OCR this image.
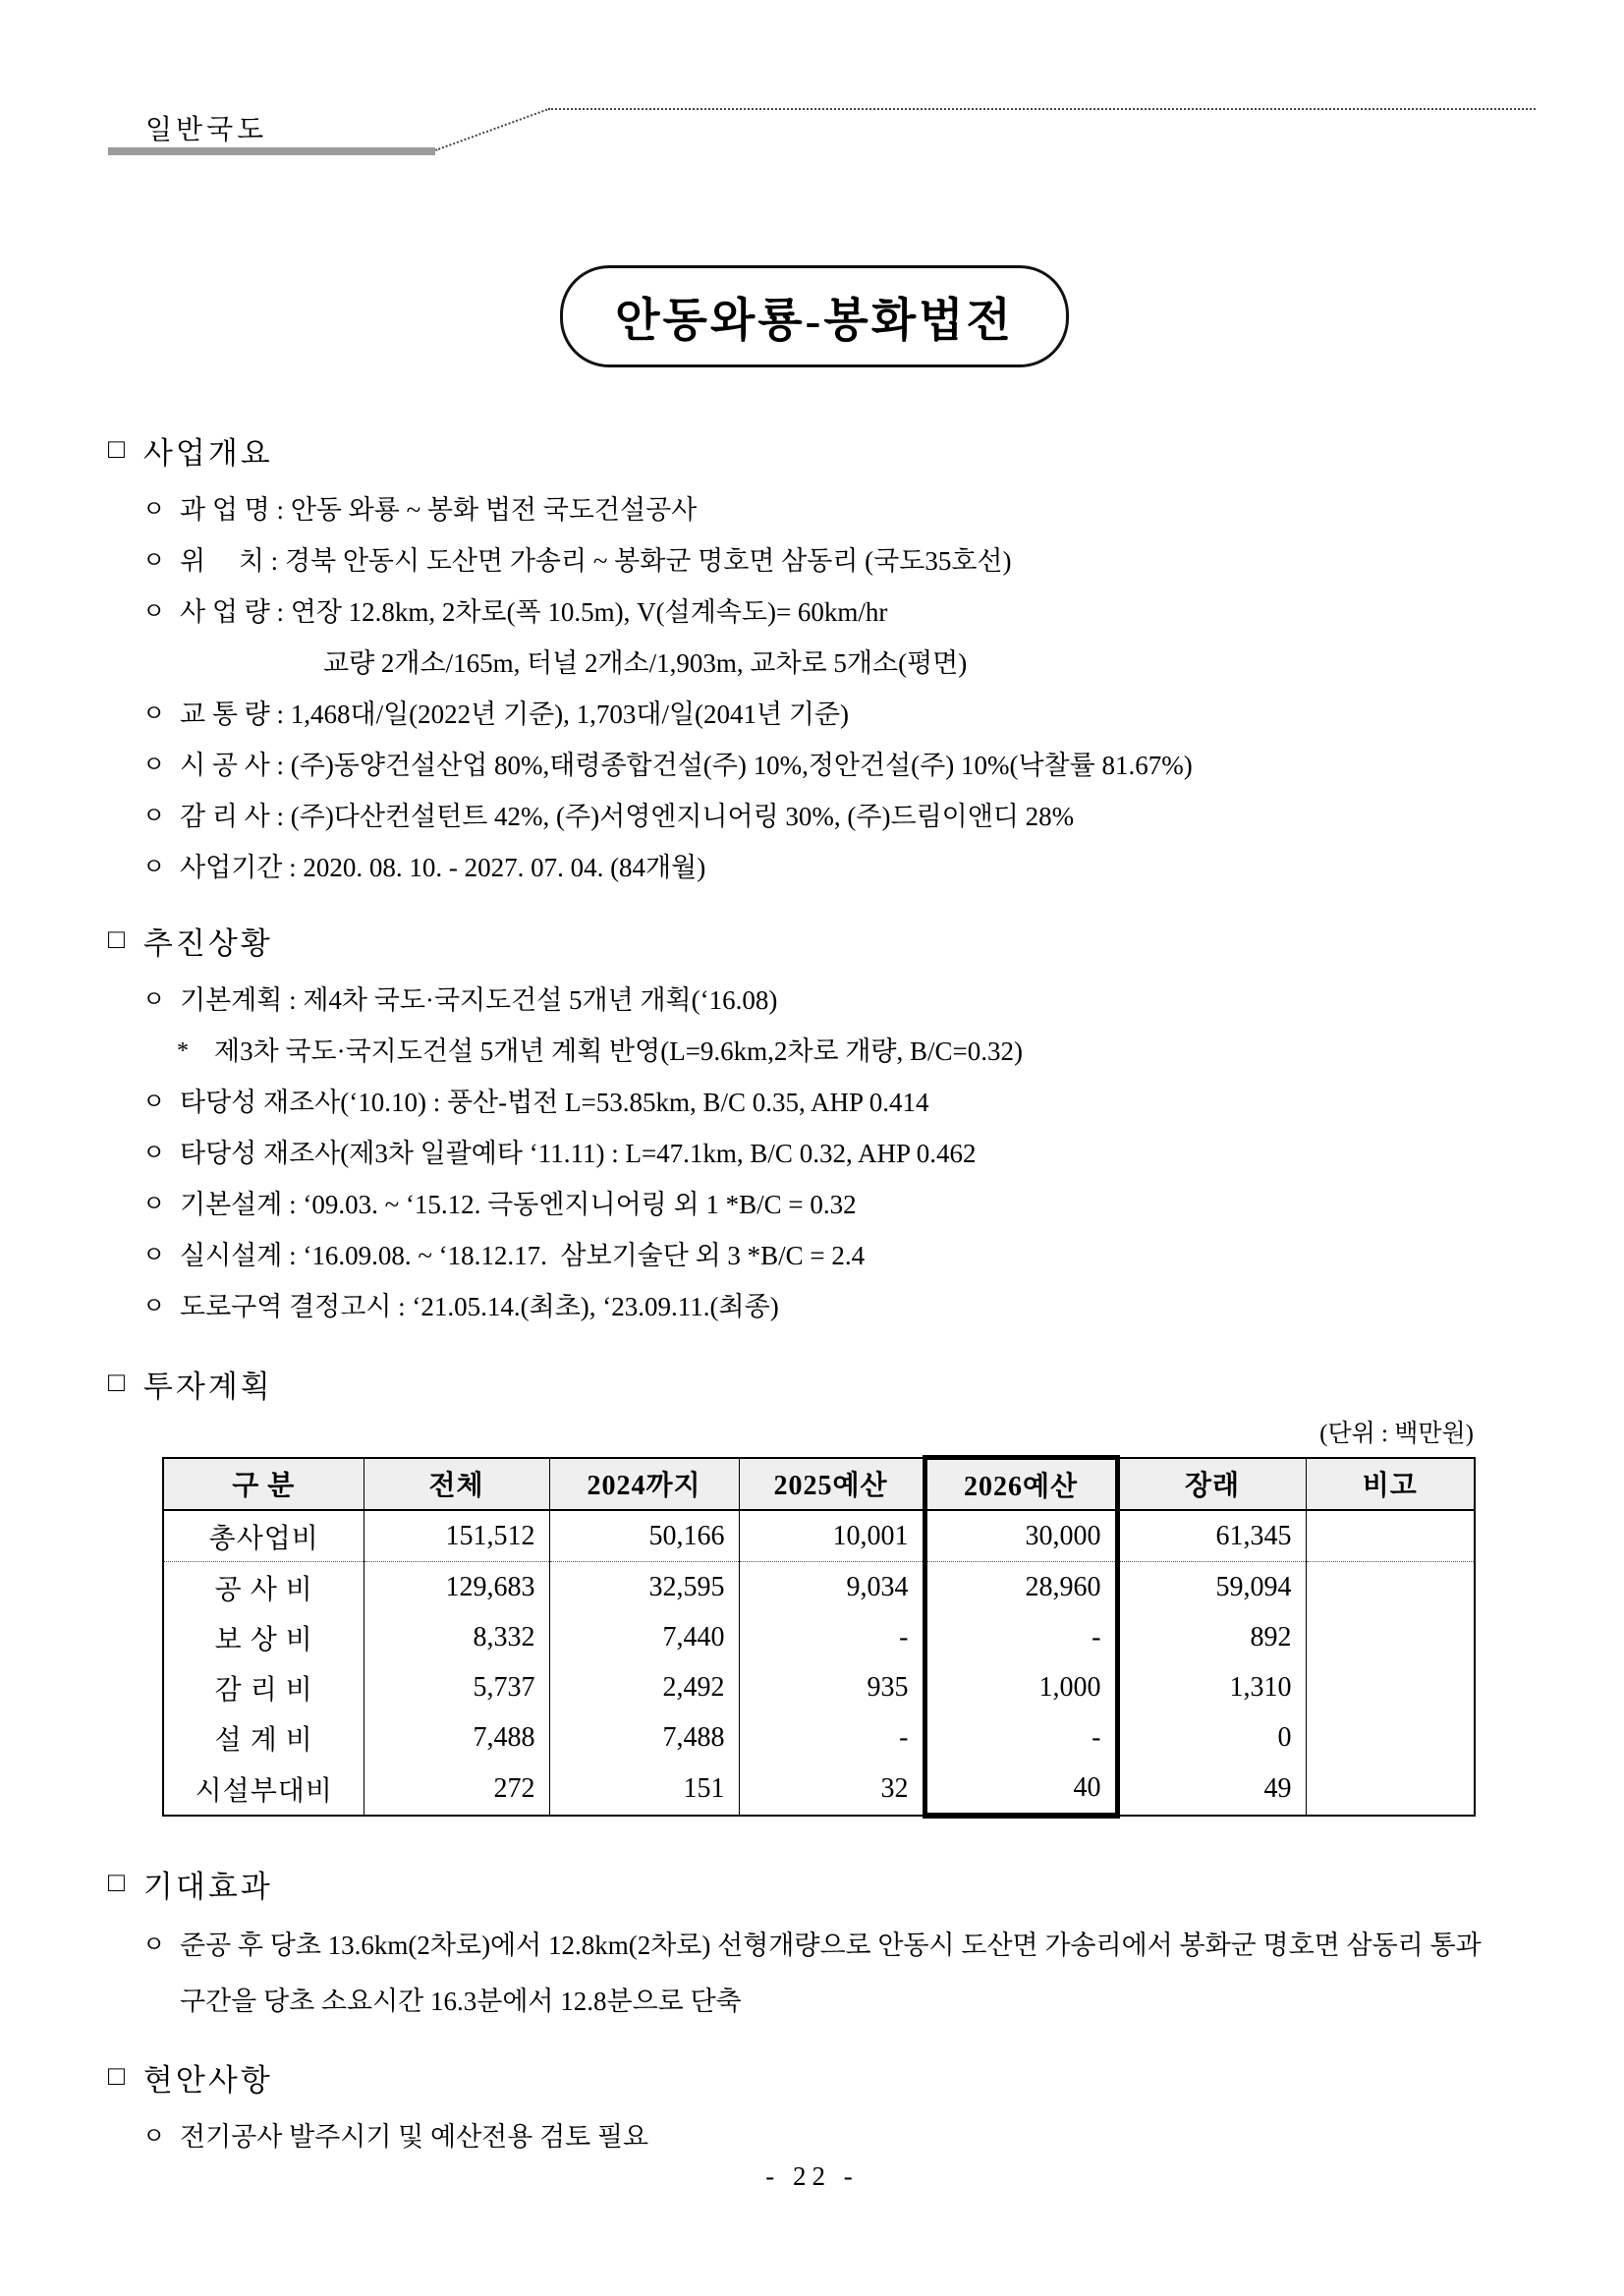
일반국도
안동와룡-봉화법전
□ 사업개요
ㅇ 과 업 명 : 안동 와룡 ~ 봉화 법전 국도건설공사
ㅇ 위     치 : 경북 안동시 도산면 가송리 ~ 봉화군 명호면 삼동리 (국도35호선)
ㅇ 사 업 량 : 연장 12.8km, 2차로(폭 10.5m), V(설계속도)= 60km/hr
교량 2개소/165m, 터널 2개소/1,903m, 교차로 5개소(평면)
ㅇ 교 통 량 : 1,468대/일(2022년 기준), 1,703대/일(2041년 기준)
ㅇ 시 공 사 : (주)동양건설산업 80%,태령종합건설(주) 10%,정안건설(주) 10%(낙찰률 81.67%)
ㅇ 감 리 사 : (주)다산컨설턴트 42%, (주)서영엔지니어링 30%, (주)드림이앤디 28%
ㅇ 사업기간 : 2020. 08. 10. - 2027. 07. 04. (84개월)
□ 추진상황
ㅇ 기본계획 : 제4차 국도·국지도건설 5개년 개획(‘16.08)
* 제3차 국도·국지도건설 5개년 계획 반영(L=9.6km,2차로 개량, B/C=0.32)
ㅇ 타당성 재조사(‘10.10) : 풍산-법전 L=53.85km, B/C 0.35, AHP 0.414
ㅇ 타당성 재조사(제3차 일괄예타 ‘11.11) : L=47.1km, B/C 0.32, AHP 0.462
ㅇ 기본설계 : ‘09.03. ~ ‘15.12. 극동엔지니어링 외 1 *B/C = 0.32
ㅇ 실시설계 : ‘16.09.08. ~ ‘18.12.17.  삼보기술단 외 3 *B/C = 2.4
ㅇ 도로구역 결정고시 : ‘21.05.14.(최초), ‘23.09.11.(최종)
□ 투자계획
(단위 : 백만원)
구 분	전체	2024까지	2025예산	2026예산	장래	비고
총사업비	151,512	50,166	10,001	30,000	61,345	
공 사 비	129,683	32,595	9,034	28,960	59,094	
보 상 비	8,332	7,440	-	-	892	
감 리 비	5,737	2,492	935	1,000	1,310	
설 계 비	7,488	7,488	-	-	0	
시설부대비	272	151	32	40	49	
□ 기대효과
ㅇ 준공 후 당초 13.6km(2차로)에서 12.8km(2차로) 선형개량으로 안동시 도산면 가송리에서 봉화군 명호면 삼동리 통과구간을 당초 소요시간 16.3분에서 12.8분으로 단축
□ 현안사항
ㅇ 전기공사 발주시기 및 예산전용 검토 필요
- 22 -
